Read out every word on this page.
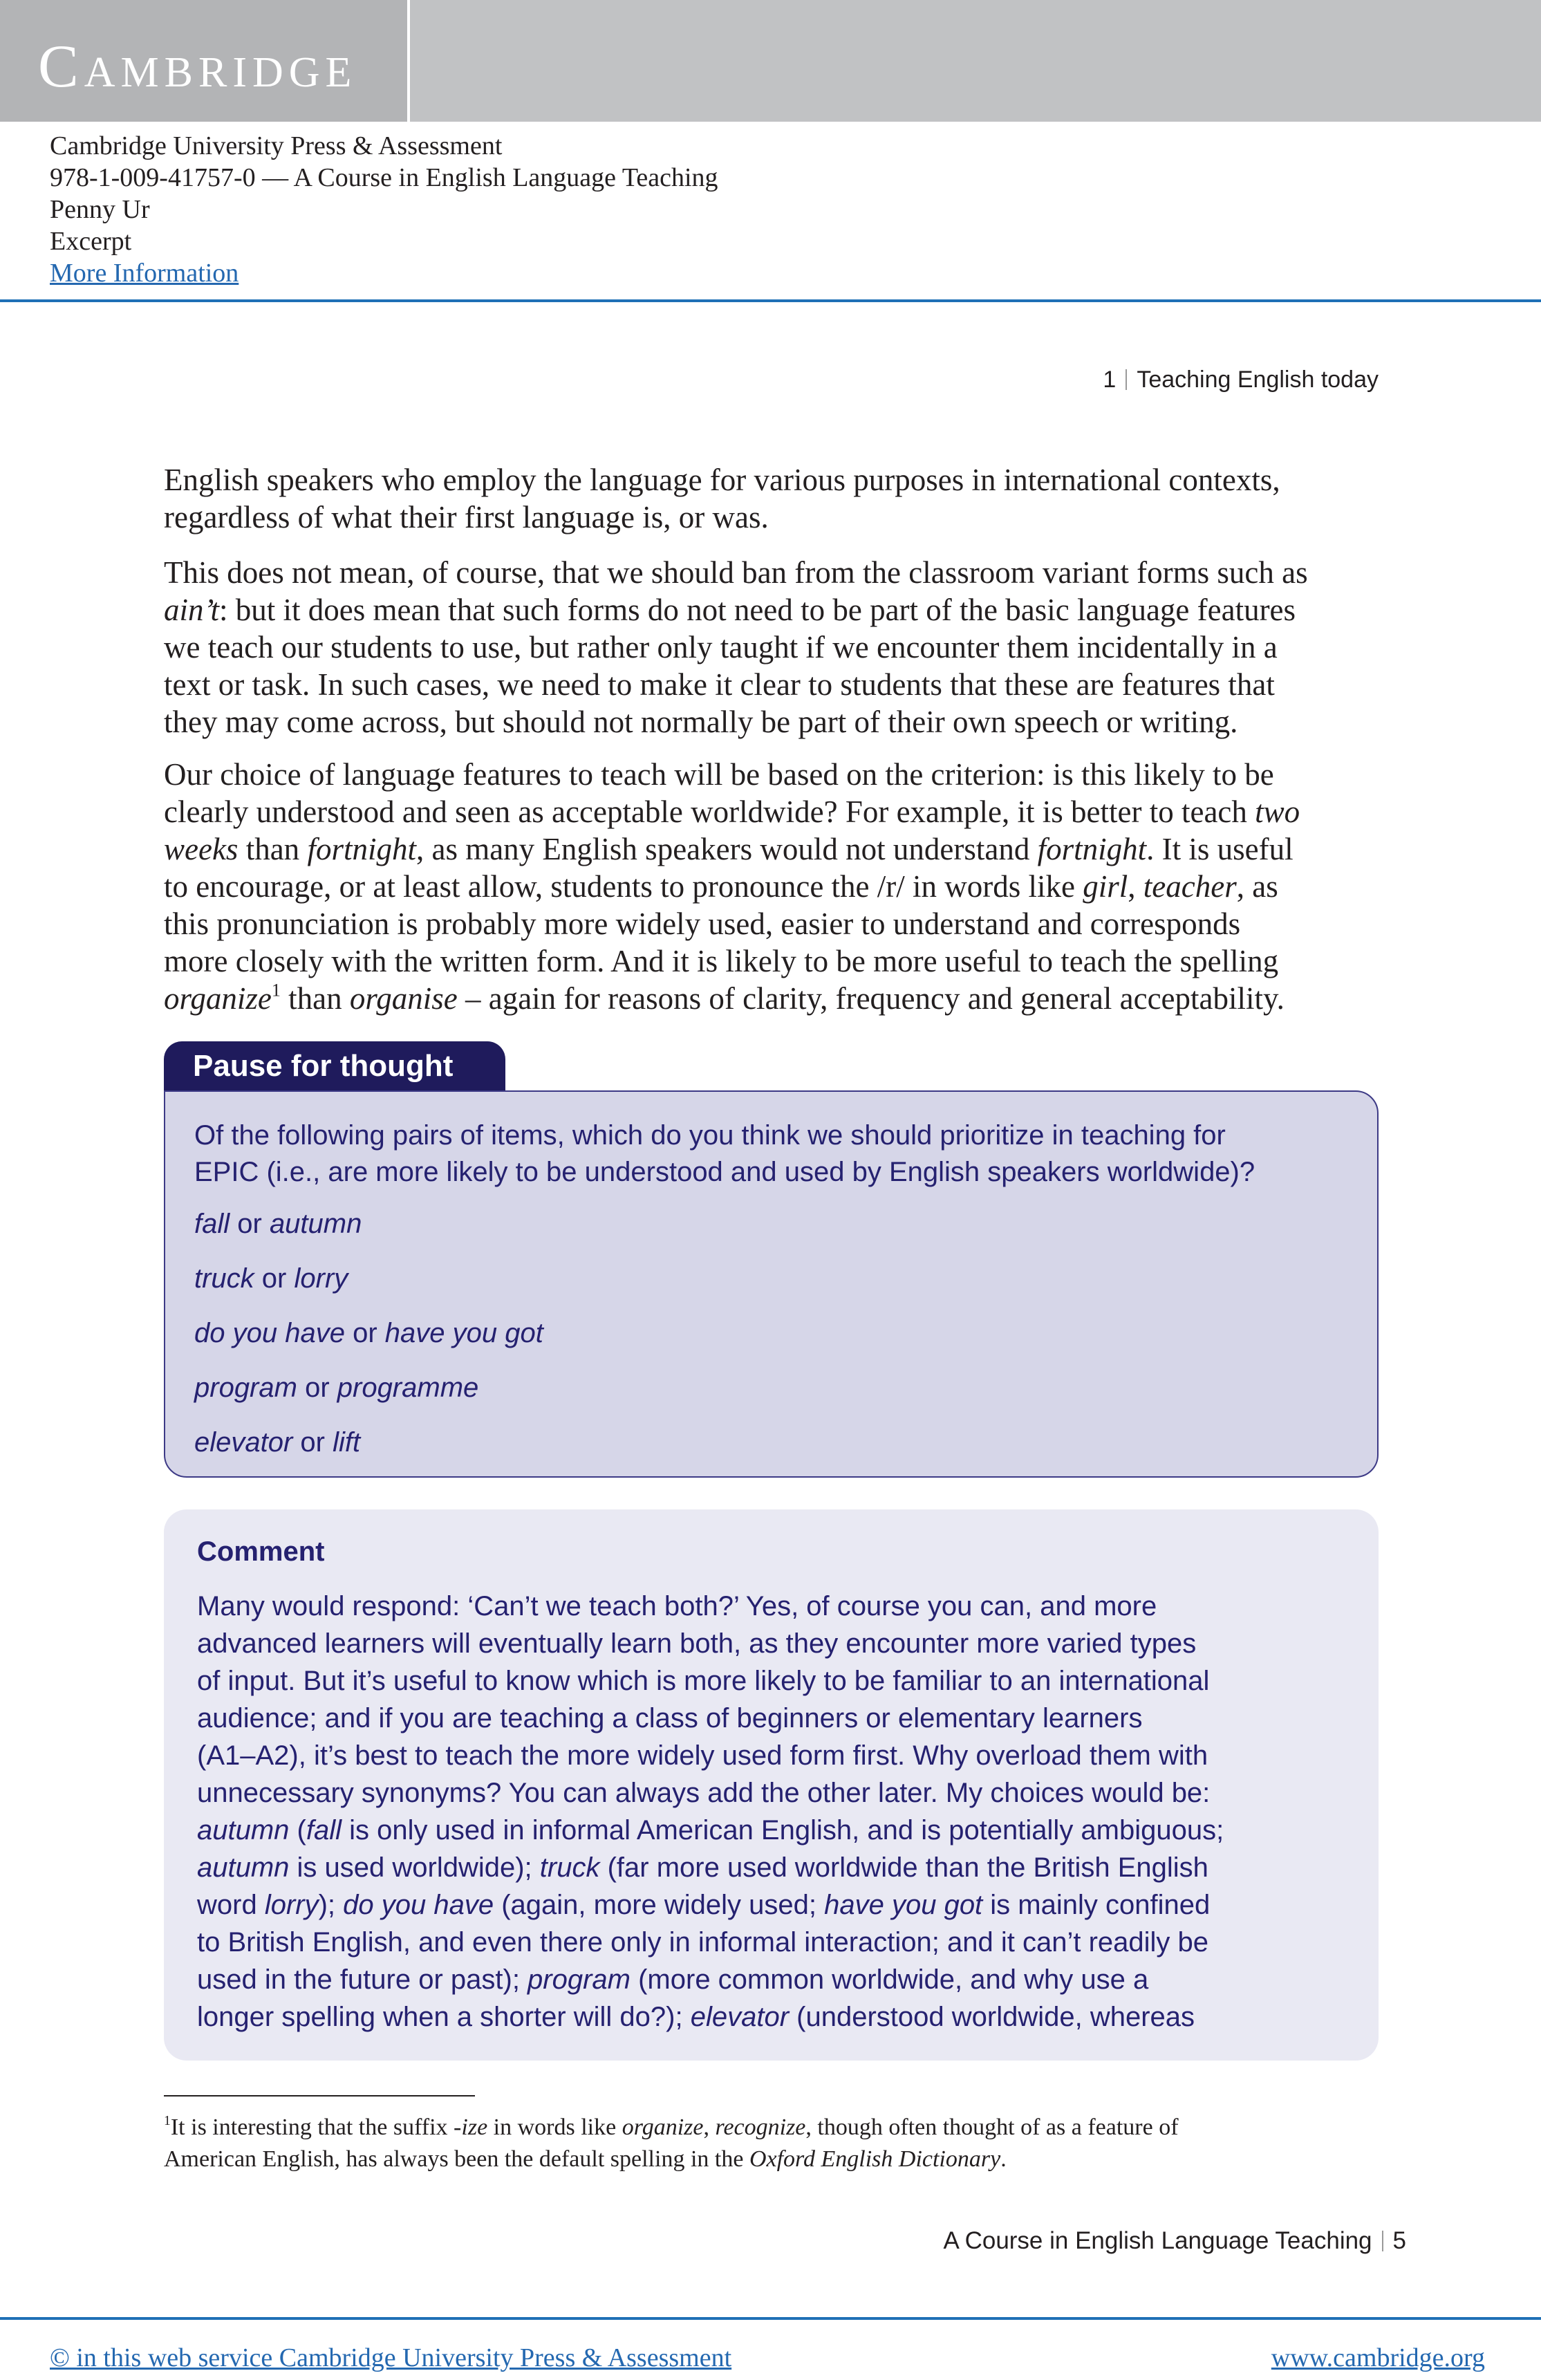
CAMBRIDGE
Cambridge University Press & Assessment
978-1-009-41757-0 — A Course in English Language Teaching
Penny Ur
Excerpt
More Information
1 Teaching English today
English speakers who employ the language for various purposes in international contexts,
regardless of what their first language is, or was.
This does not mean, of course, that we should ban from the classroom variant forms such as
ain’t: but it does mean that such forms do not need to be part of the basic language features
we teach our students to use, but rather only taught if we encounter them incidentally in a
text or task. In such cases, we need to make it clear to students that these are features that
they may come across, but should not normally be part of their own speech or writing.
Our choice of language features to teach will be based on the criterion: is this likely to be
clearly understood and seen as acceptable worldwide? For example, it is better to teach two
weeks than fortnight, as many English speakers would not understand fortnight. It is useful
to encourage, or at least allow, students to pronounce the /r/ in words like girl, teacher, as
this pronunciation is probably more widely used, easier to understand and corresponds
more closely with the written form. And it is likely to be more useful to teach the spelling
organize$^1$ than organise – again for reasons of clarity, frequency and general acceptability.
Pause for thought
Of the following pairs of items, which do you think we should prioritize in teaching for
EPIC (i.e., are more likely to be understood and used by English speakers worldwide)?
fall or autumn
truck or lorry
do you have or have you got
program or programme
elevator or lift
Comment
Many would respond: ‘Can’t we teach both?’ Yes, of course you can, and more
advanced learners will eventually learn both, as they encounter more varied types
of input. But it’s useful to know which is more likely to be familiar to an international
audience; and if you are teaching a class of beginners or elementary learners
(A1–A2), it’s best to teach the more widely used form first. Why overload them with
unnecessary synonyms? You can always add the other later. My choices would be:
autumn (fall is only used in informal American English, and is potentially ambiguous;
autumn is used worldwide); truck (far more used worldwide than the British English
word lorry); do you have (again, more widely used; have you got is mainly confined
to British English, and even there only in informal interaction; and it can’t readily be
used in the future or past); program (more common worldwide, and why use a
longer spelling when a shorter will do?); elevator (understood worldwide, whereas
$^1$It is interesting that the suffix -ize in words like organize, recognize, though often thought of as a feature of
American English, has always been the default spelling in the Oxford English Dictionary.
A Course in English Language Teaching 5
© in this web service Cambridge University Press & Assessment	www.cambridge.org
